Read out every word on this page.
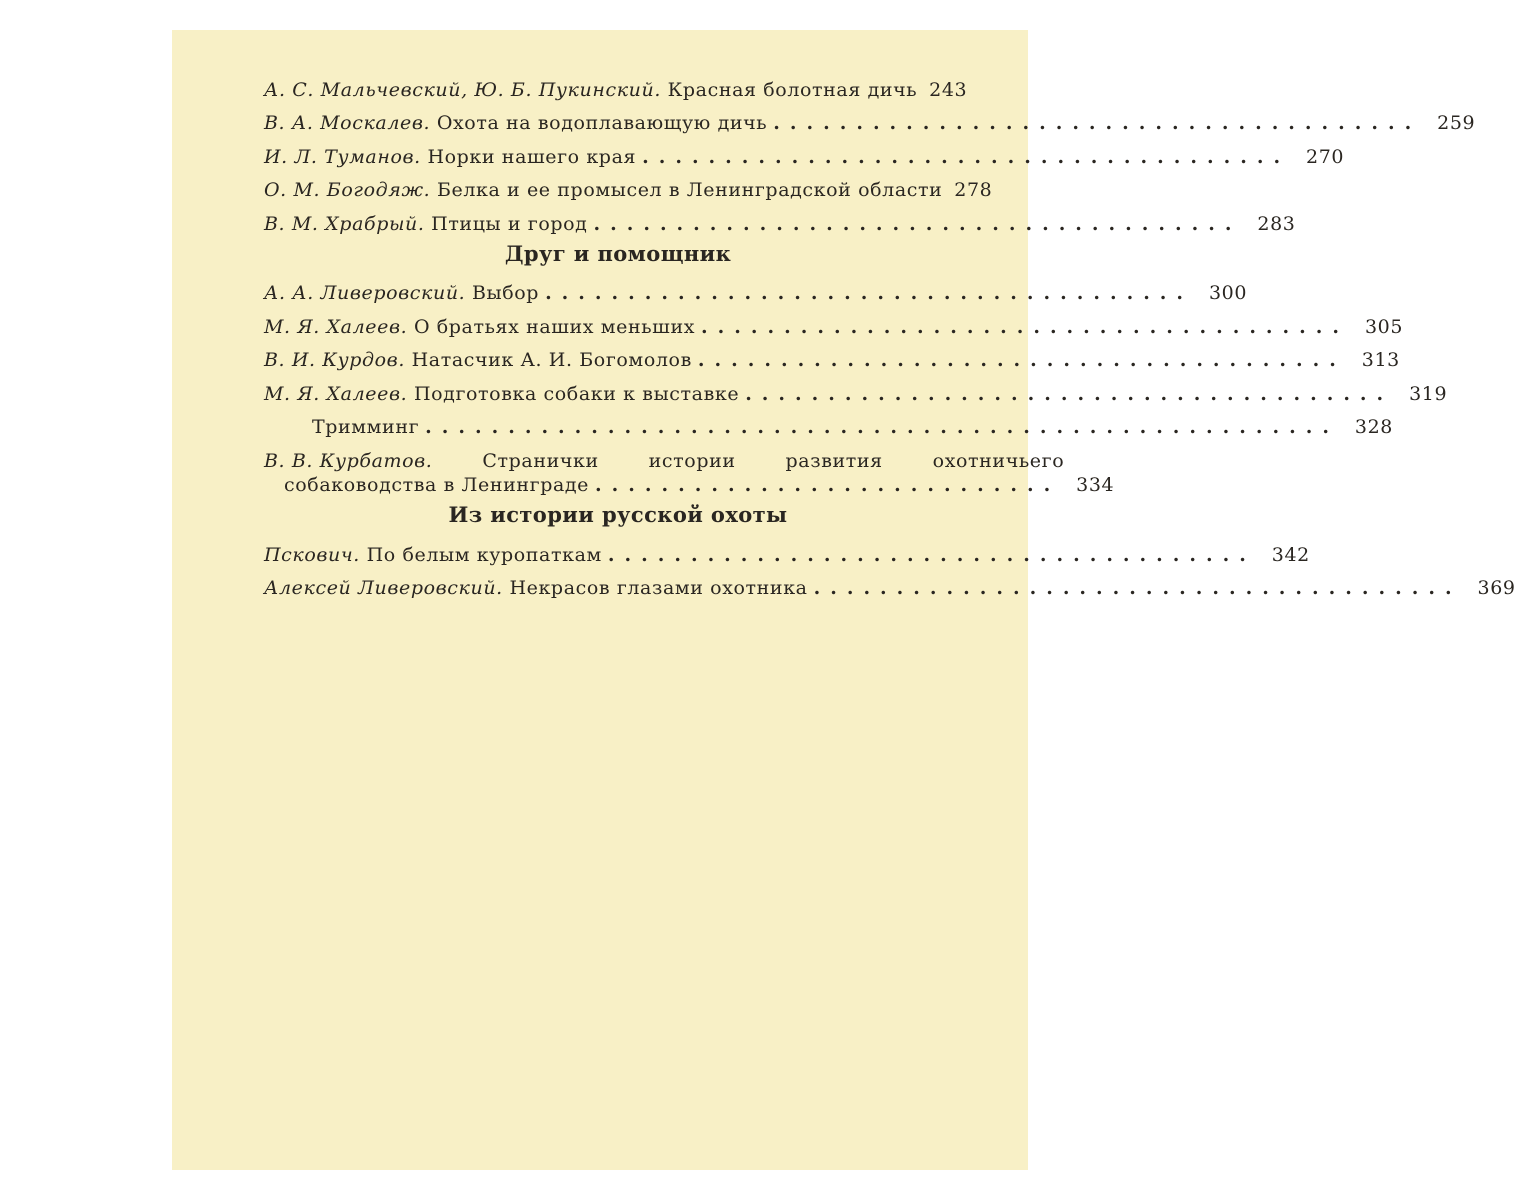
А. С. Мальчевский, Ю. Б. Пукинский. Красная болотная дичь 243
В. А. Москалев. Охота на водоплавающую дичь ....................................... 259
И. Л. Туманов. Норки нашего края ....................................... 270
О. М. Богодяж. Белка и ее промысел в Ленинградской области 278
В. М. Храбрый. Птицы и город ....................................... 283
Друг и помощник
А. А. Ливеровский. Выбор ....................................... 300
М. Я. Халеев. О братьях наших меньших ....................................... 305
В. И. Курдов. Натасчик А. И. Богомолов ....................................... 313
М. Я. Халеев. Подготовка собаки к выставке ....................................... 319
Тримминг ....................................................... 328
В. В. Курбатов.	Странички	истории	развития	охотничьего
собаководства в Ленинграде ............................ 334
Из истории русской охоты
Пскович. По белым куропаткам ....................................... 342
Алексей Ливеровский. Некрасов глазами охотника ....................................... 369
